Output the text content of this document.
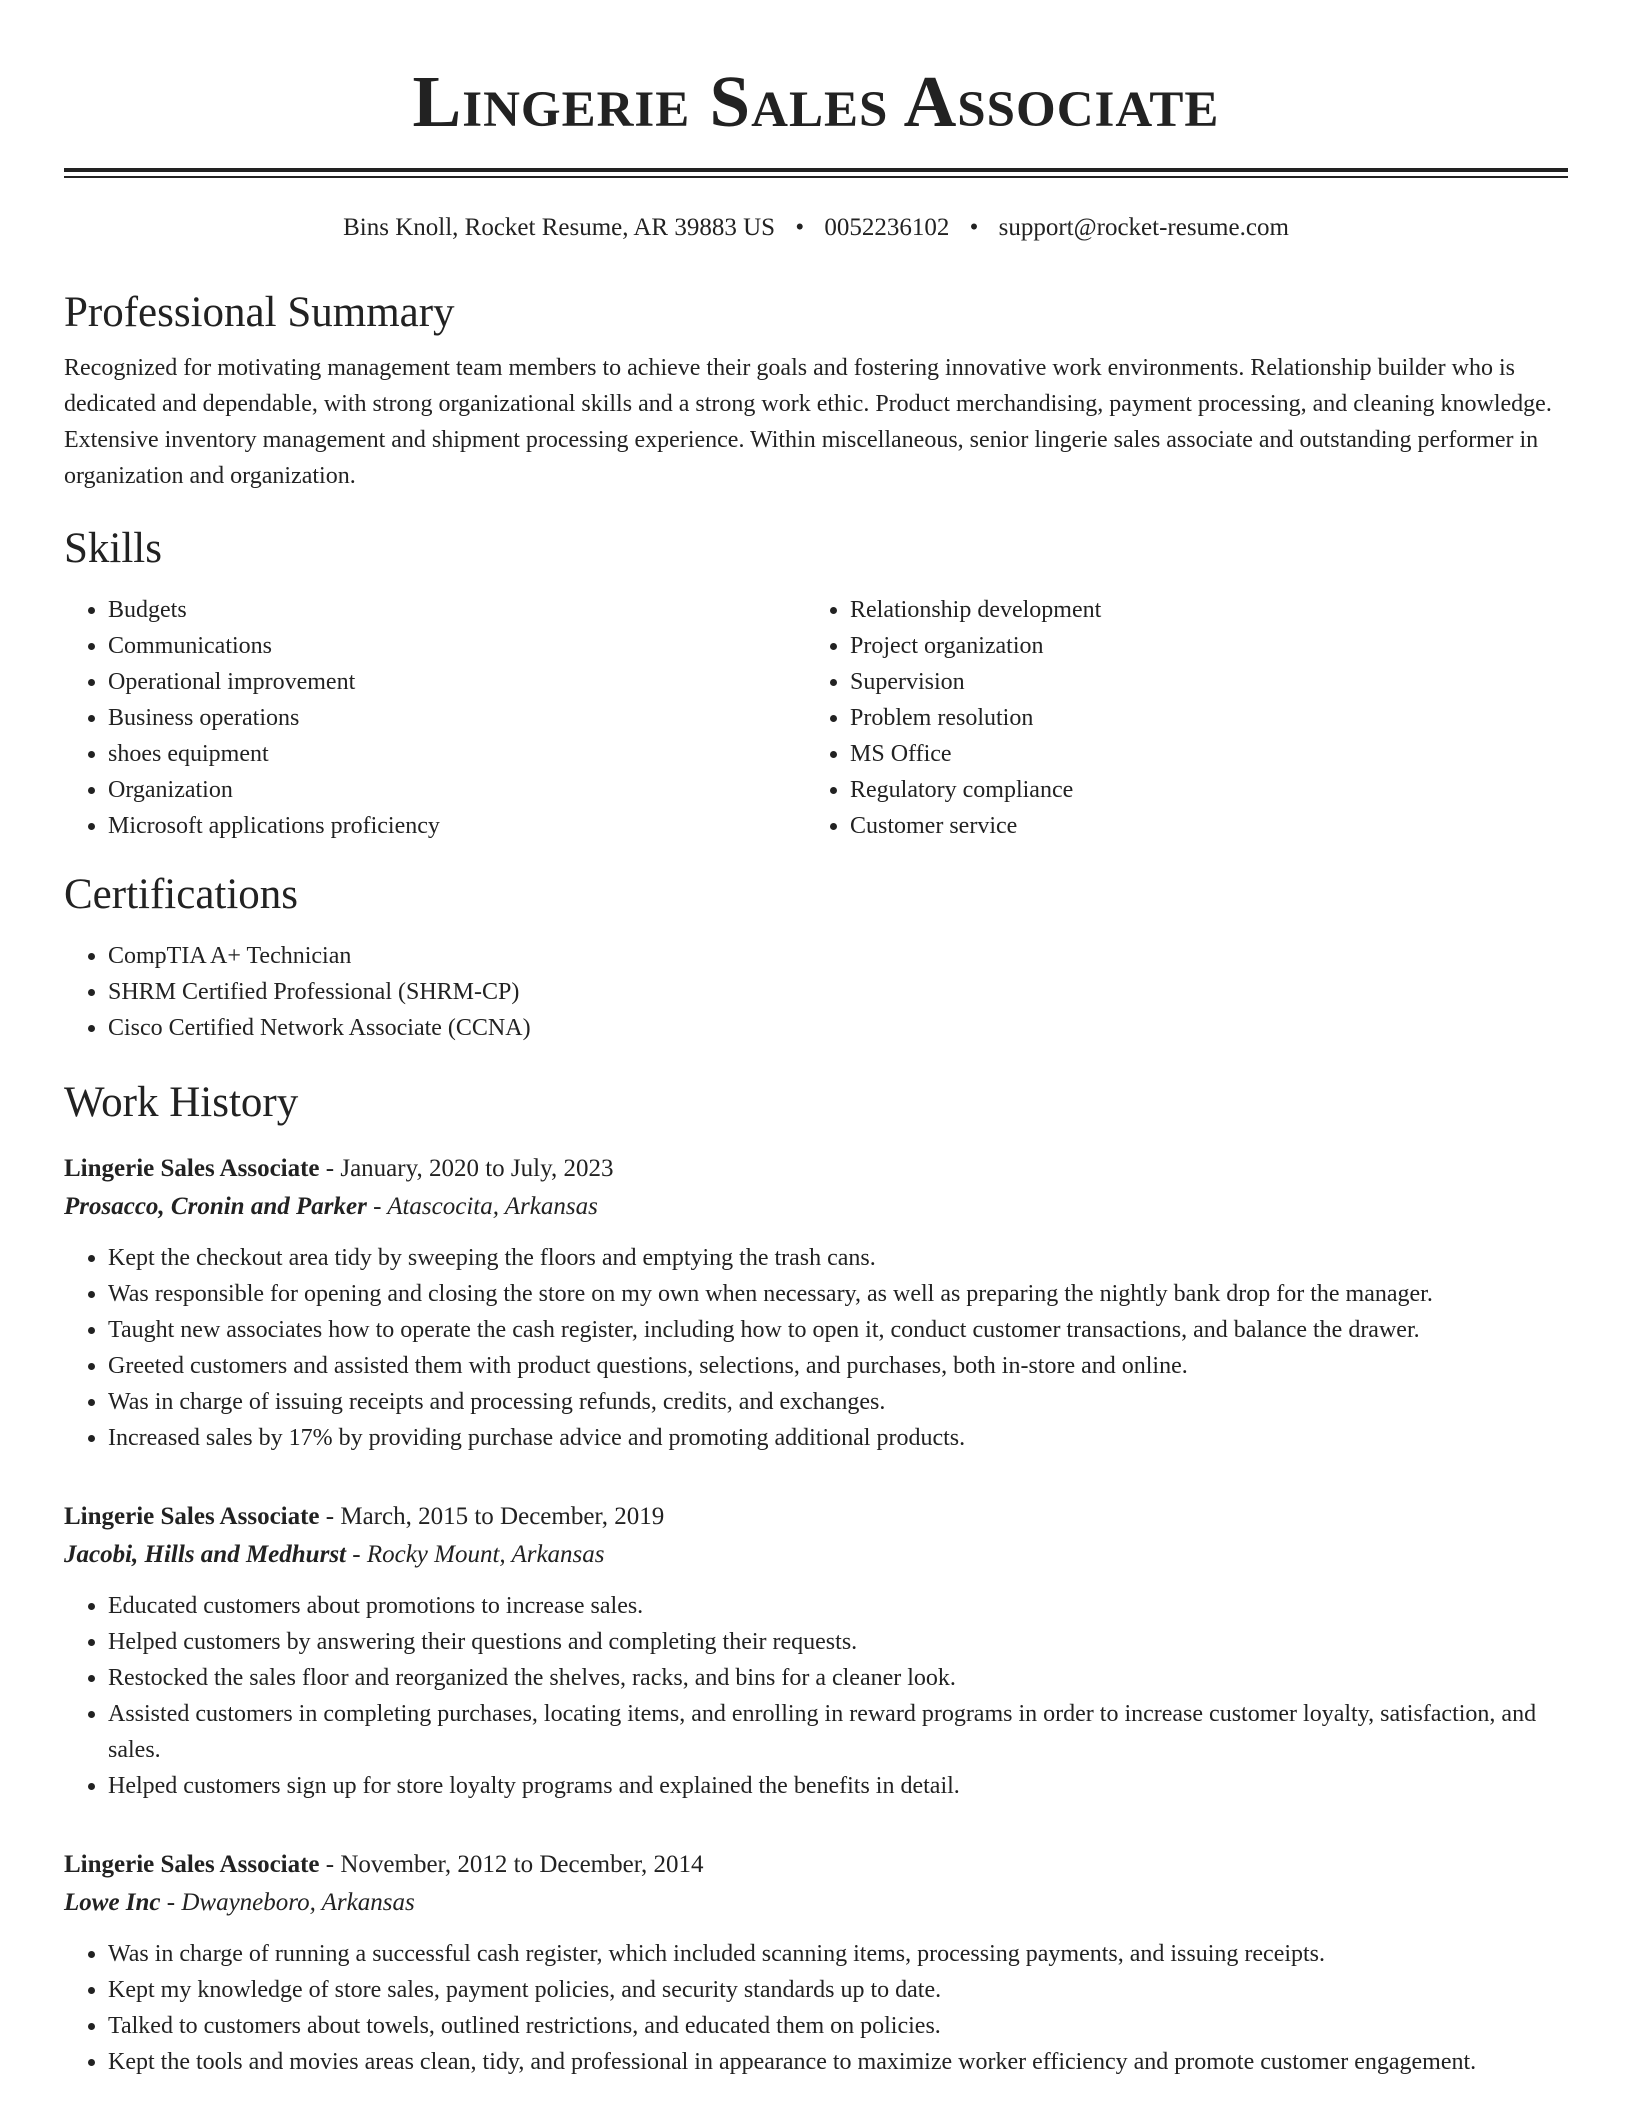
Lingerie Sales Associate
Bins Knoll, Rocket Resume, AR 39883 US • 0052236102 • support@rocket-resume.com
Professional Summary

Recognized for motivating management team members to achieve their goals and fostering innovative work environments. Relationship builder who is dedicated and dependable, with strong organizational skills and a strong work ethic. Product merchandising, payment processing, and cleaning knowledge. Extensive inventory management and shipment processing experience. Within miscellaneous, senior lingerie sales associate and outstanding performer in organization and organization.

Skills
• Budgets
• Communications
• Operational improvement
• Business operations
• shoes equipment
• Organization
• Microsoft applications proficiency
• Relationship development
• Project organization
• Supervision
• Problem resolution
• MS Office
• Regulatory compliance
• Customer service
Certifications
• CompTIA A+ Technician
• SHRM Certified Professional (SHRM-CP)
• Cisco Certified Network Associate (CCNA)
Work History
Lingerie Sales Associate - January, 2020 to July, 2023
Prosacco, Cronin and Parker - Atascocita, Arkansas
• Kept the checkout area tidy by sweeping the floors and emptying the trash cans.
• Was responsible for opening and closing the store on my own when necessary, as well as preparing the nightly bank drop for the manager.
• Taught new associates how to operate the cash register, including how to open it, conduct customer transactions, and balance the drawer.
• Greeted customers and assisted them with product questions, selections, and purchases, both in-store and online.
• Was in charge of issuing receipts and processing refunds, credits, and exchanges.
• Increased sales by 17% by providing purchase advice and promoting additional products.
Lingerie Sales Associate - March, 2015 to December, 2019
Jacobi, Hills and Medhurst - Rocky Mount, Arkansas
• Educated customers about promotions to increase sales.
• Helped customers by answering their questions and completing their requests.
• Restocked the sales floor and reorganized the shelves, racks, and bins for a cleaner look.
• Assisted customers in completing purchases, locating items, and enrolling in reward programs in order to increase customer loyalty, satisfaction, and sales.
• Helped customers sign up for store loyalty programs and explained the benefits in detail.
Lingerie Sales Associate - November, 2012 to December, 2014
Lowe Inc - Dwayneboro, Arkansas
• Was in charge of running a successful cash register, which included scanning items, processing payments, and issuing receipts.
• Kept my knowledge of store sales, payment policies, and security standards up to date.
• Talked to customers about towels, outlined restrictions, and educated them on policies.
• Kept the tools and movies areas clean, tidy, and professional in appearance to maximize worker efficiency and promote customer engagement.
